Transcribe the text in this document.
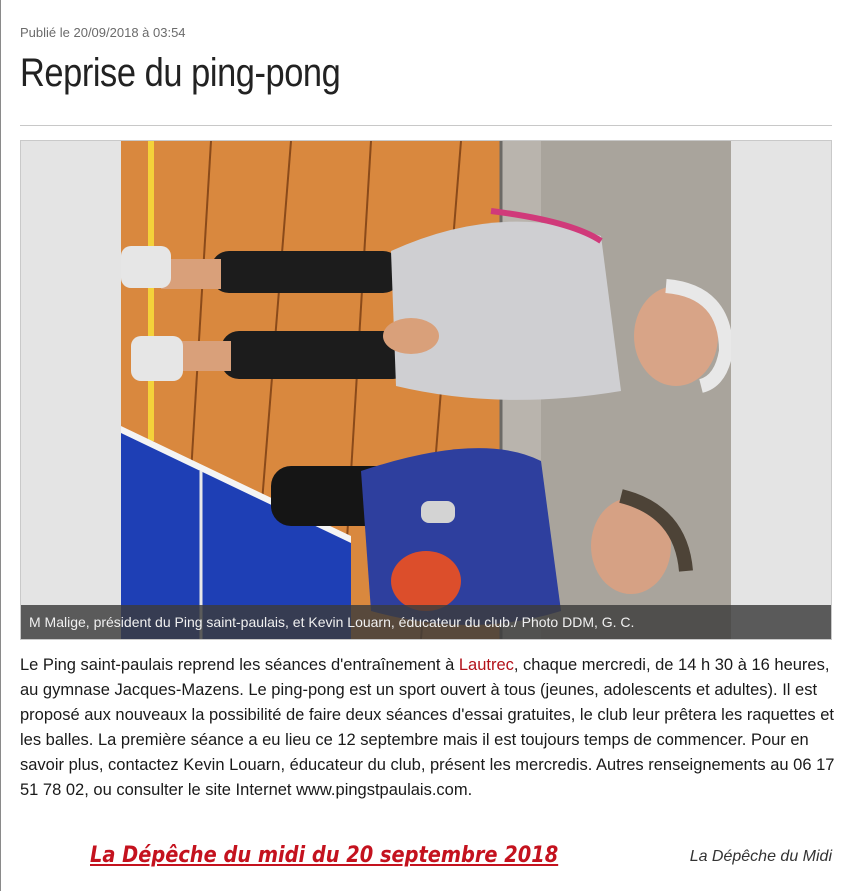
Publié le 20/09/2018 à 03:54
Reprise du ping-pong
M Malige, président du Ping saint-paulais, et Kevin Louarn, éducateur du club./ Photo DDM, G. C.

Le Ping saint-paulais reprend les séances d'entraînement à Lautrec, chaque mercredi, de 14 h 30 à 16 heures, au gymnase Jacques-Mazens. Le ping-pong est un sport ouvert à tous (jeunes, adolescents et adultes). Il est proposé aux nouveaux la possibilité de faire deux séances d'essai gratuites, le club leur prêtera les raquettes et les balles. La première séance a eu lieu ce 12 septembre mais il est toujours temps de commencer. Pour en savoir plus, contactez Kevin Louarn, éducateur du club, présent les mercredis. Autres renseignements au 06 17 51 78 02, ou consulter le site Internet www.pingstpaulais.com.

La Dépêche du midi du 20 septembre 2018	La Dépêche du Midi
